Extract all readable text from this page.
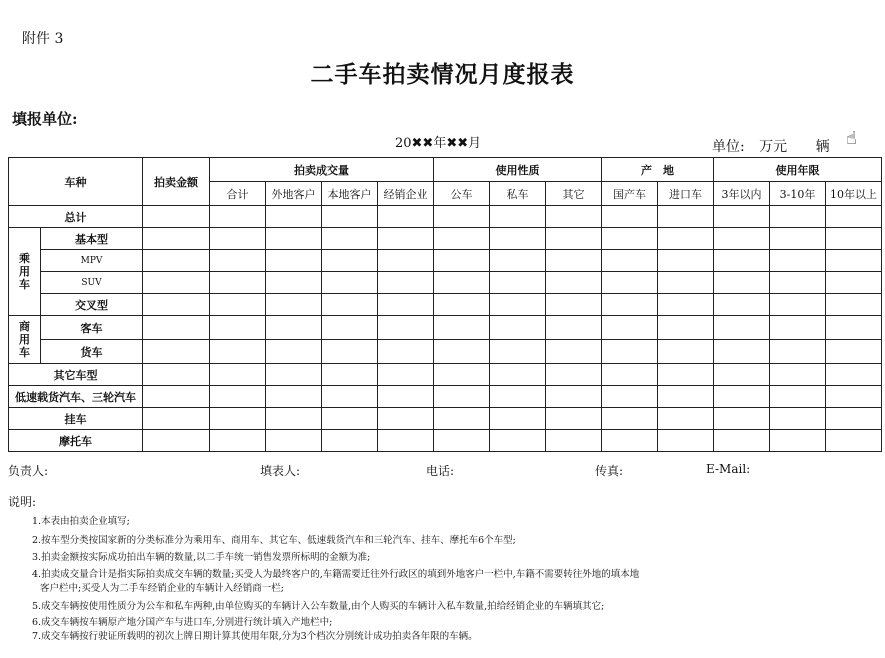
附件 3
二手车拍卖情况月度报表
填报单位:
20✖✖年✖✖月	单位: 万元 辆 ☝
车种		拍卖金额	拍卖成交量				使用性质			产　地		使用年限		
			合计	外地客户	本地客户	经销企业	公车	私车	其它	国产车	进口车	3年以内	3-10年	10年以上
总计														
乘用车	基本型													
	MPV													
	SUV													
	交叉型													
商用车	客车													
	货车													
其它车型														
低速载货汽车、三轮汽车														
挂车														
摩托车														
负责人:	填表人:	电话:	传真:	E-Mail:
说明:
1.本表由拍卖企业填写;
2.按车型分类按国家新的分类标准分为乘用车、商用车、其它车、低速载货汽车和三轮汽车、挂车、摩托车6个车型;
3.拍卖金额按实际成功拍出车辆的数量,以二手车统一销售发票所标明的金额为准;
4.拍卖成交量合计是指实际拍卖成交车辆的数量;买受人为最终客户的,车籍需要迁往外行政区的填到外地客户一栏中,车籍不需要转往外地的填本地
客户栏中;买受人为二手车经销企业的车辆计入经销商一栏;
5.成交车辆按使用性质分为公车和私车两种,由单位购买的车辆计入公车数量,由个人购买的车辆计入私车数量,拍给经销企业的车辆填其它;
6.成交车辆按车辆原产地分国产车与进口车,分别进行统计填入产地栏中;
7.成交车辆按行驶证所载明的初次上牌日期计算其使用年限,分为3个档次分别统计成功拍卖各年限的车辆。
